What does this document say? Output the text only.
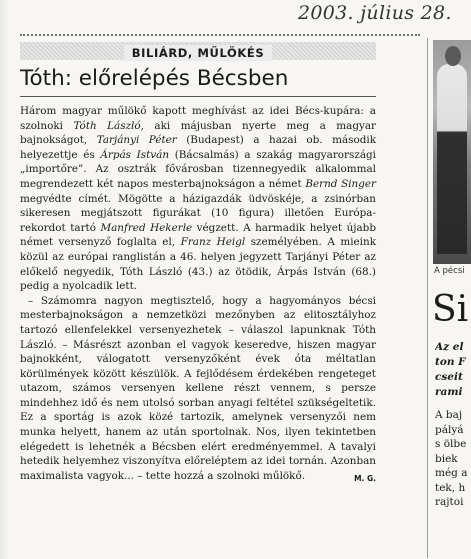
2003. július 28.
BILIÁRD, MŰLÖKÉS
Tóth: előrelépés Bécsben

Három magyar műlökő kapott meghívást az idei Bécs-kupára: a szolnoki Tóth László, aki májusban nyerte meg a magyar bajnokságot, Tarjányi Péter (Budapest) a hazai ob. második helyezettje és Árpás István (Bácsalmás) a szakág magyarországi „importőre”. Az osztrák fővárosban tizennegyedik alkalommal megrendezett két napos mesterbajnokságon a német Bernd Singer megvédte címét. Mögötte a házigazdák üdvöskéje, a zsinórban sikeresen megjátszott figurákat (10 figura) illetően Európa-rekordot tartó Manfred Hekerle végzett. A harmadik helyet újabb német versenyző foglalta el, Franz Heigl személyében. A mieink közül az európai ranglistán a 46. helyen jegyzett Tarjányi Péter az előkelő negyedik, Tóth László (43.) az ötödik, Árpás István (68.) pedig a nyolcadik lett.

– Számomra nagyon megtisztelő, hogy a hagyományos bécsi mesterbajnokságon a nemzetközi mezőnyben az elitosztályhoz tartozó ellenfelekkel versenyezhetek – válaszol lapunknak Tóth László. – Másrészt azonban el vagyok keseredve, hiszen magyar bajnokként, válogatott versenyzőként évek óta méltatlan körülmények között készülök. A fejlődésem érdekében rengeteget utazom, számos versenyen kellene részt vennem, s persze mindehhez idő és nem utolsó sorban anyagi feltétel szükségeltetik. Ez a sportág is azok közé tartozik, amelynek versenyzői nem munka helyett, hanem az után sportolnak. Nos, ilyen tekintetben elégedett is lehetnék a Bécsben elért eredményemmel. A tavalyi hetedik helyemhez viszonyítva előreléptem az idei tornán. Azonban maximalista vagyok... – tette hozzá a szolnoki műlökő.	M. G.

A pécsi
Si
Az el
ton F
cseit
rami
A baj
pályá
s ölbe
biek
még a
tek, h
rajtoi
